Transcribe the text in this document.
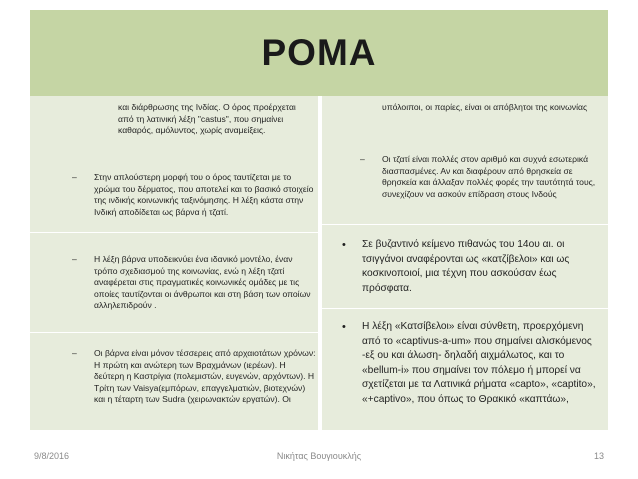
ΡΟΜΑ

και διάρθρωσης της Ινδίας. Ο όρος προέρχεται από τη λατινική λέξη "castus", που σημαίνει καθαρός, αμόλυντος, χωρίς αναμείξεις.

– Στην απλούστερη μορφή του ο όρος ταυτίζεται με το χρώμα του δέρματος, που αποτελεί και το βασικό στοιχείο της ινδικής κοινωνικής ταξινόμησης. Η λέξη κάστα στην Ινδική αποδίδεται ως βάρνα ή τζατί.

– Η λέξη βάρνα υποδεικνύει ένα ιδανικό μοντέλο, έναν τρόπο σχεδιασμού της κοινωνίας, ενώ η λέξη τζατί αναφέρεται στις πραγματικές κοινωνικές ομάδες με τις οποίες ταυτίζονται οι άνθρωποι και στη βάση των οποίων αλληλεπιδρούν .

– Οι βάρνα είναι μόνον τέσσερεις από αρχαιοτάτων χρόνων: Η πρώτη και ανώτερη των Βραχμάνων (ιερέων). Η δεύτερη η Καστρίγια (πολεμιστών, ευγενών, αρχόντων). Η Τρίτη των Vaisya(εμπόρων, επαγγελματιών, βιοτεχνών) και η τέταρτη των Sudra (χειρωνακτών εργατών). Οι

υπόλοιποι, οι παρίες, είναι οι απόβλητοι της κοινωνίας

– Οι τζατί είναι πολλές στον αριθμό και συχνά εσωτερικά διασπασμένες. Αν και διαφέρουν από θρησκεία σε θρησκεία και άλλαξαν πολλές φορές την ταυτότητά τους, συνεχίζουν να ασκούν επίδραση στους Ινδούς

• Σε βυζαντινό κείμενο πιθανώς του 14ου αι. οι τσιγγάνοι αναφέρονται ως «κατζίβελοι» και ως κοσκινοποιοί, μια τέχνη που ασκούσαν έως πρόσφατα.

• Η λέξη «Κατσίβελοι» είναι σύνθετη, προερχόμενη από το «captivus-a-um» που σημαίνει αλισκόμενος -εξ ου και άλωση- δηλαδή αιχμάλωτος, και το «bellum-i» που σημαίνει τον πόλεμο ή μπορεί να σχετίζεται με τα Λατινικά ρήματα «capto», «captito», «+captivo», που όπως το Θρακικό «καπτάω»,

9/8/2016	Νικήτας Βουγιουκλής	13
